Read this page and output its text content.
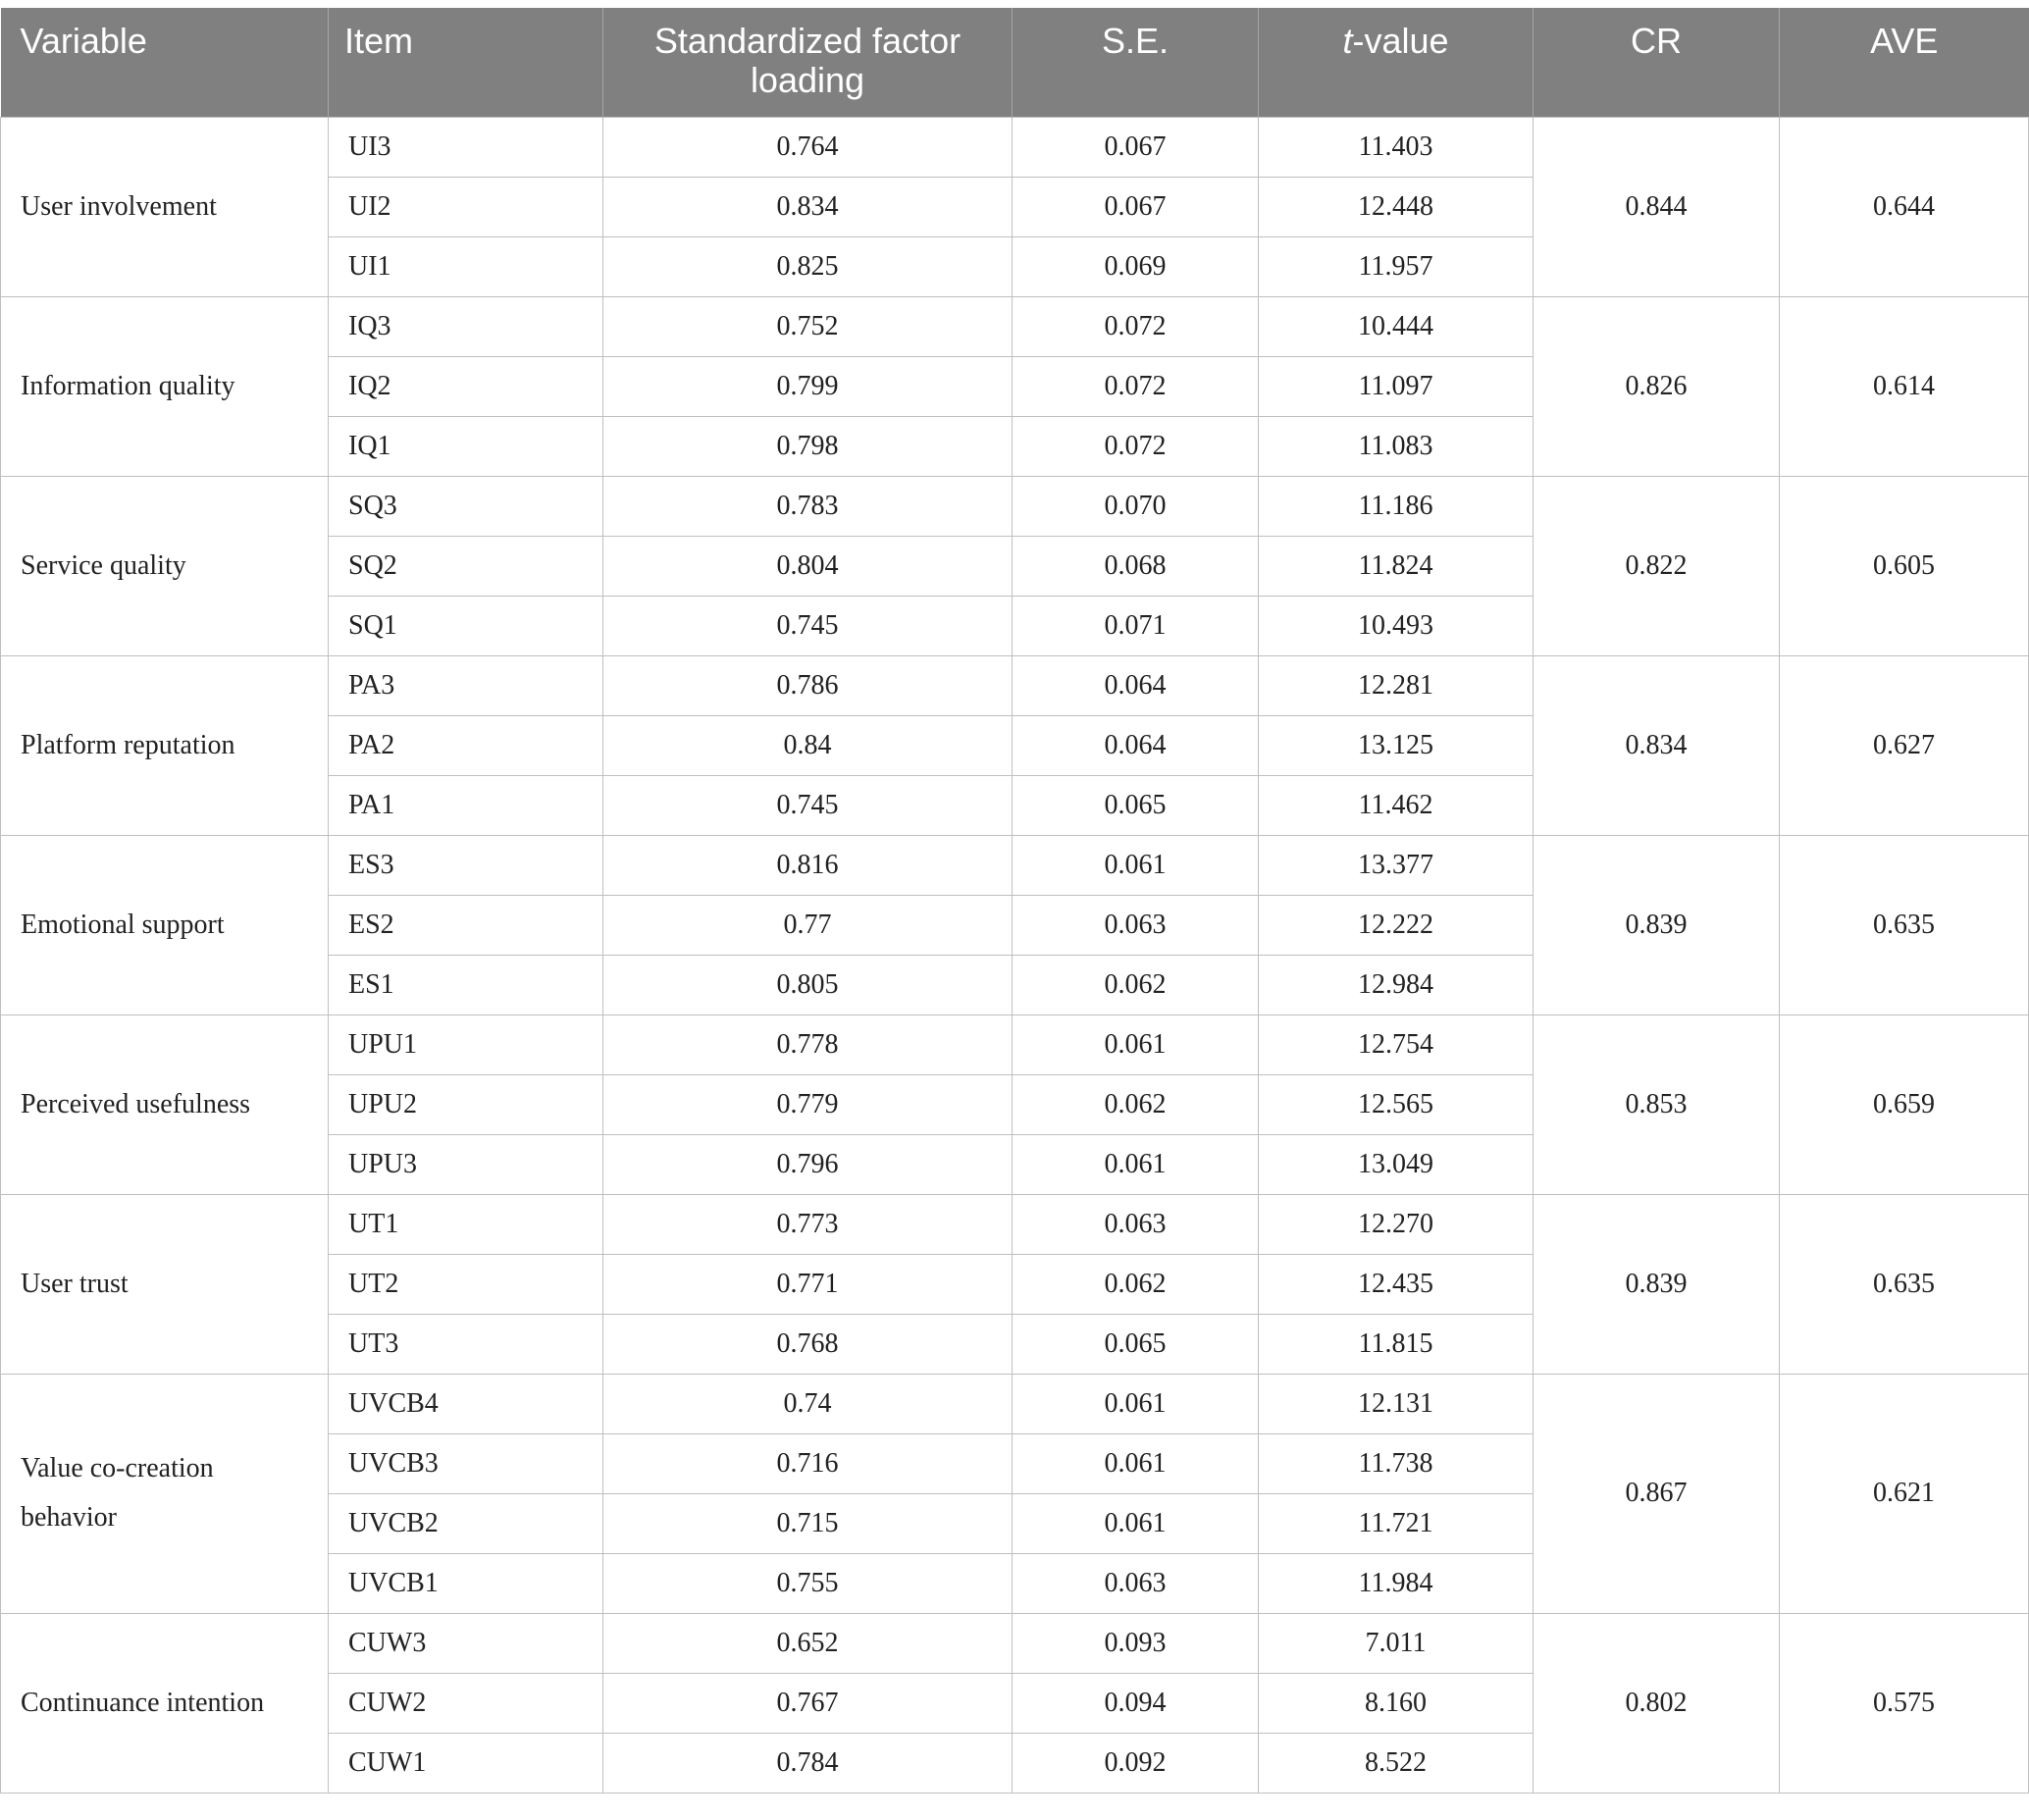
Variable	Item	Standardized factor loading	S.E.	t-value	CR	AVE
User involvement	UI3	0.764	0.067	11.403	0.844	0.644
	UI2	0.834	0.067	12.448		
	UI1	0.825	0.069	11.957		
Information quality	IQ3	0.752	0.072	10.444	0.826	0.614
	IQ2	0.799	0.072	11.097		
	IQ1	0.798	0.072	11.083		
Service quality	SQ3	0.783	0.070	11.186	0.822	0.605
	SQ2	0.804	0.068	11.824		
	SQ1	0.745	0.071	10.493		
Platform reputation	PA3	0.786	0.064	12.281	0.834	0.627
	PA2	0.84	0.064	13.125		
	PA1	0.745	0.065	11.462		
Emotional support	ES3	0.816	0.061	13.377	0.839	0.635
	ES2	0.77	0.063	12.222		
	ES1	0.805	0.062	12.984		
Perceived usefulness	UPU1	0.778	0.061	12.754	0.853	0.659
	UPU2	0.779	0.062	12.565		
	UPU3	0.796	0.061	13.049		
User trust	UT1	0.773	0.063	12.270	0.839	0.635
	UT2	0.771	0.062	12.435		
	UT3	0.768	0.065	11.815		
Value co-creation behavior	UVCB4	0.74	0.061	12.131	0.867	0.621
	UVCB3	0.716	0.061	11.738		
	UVCB2	0.715	0.061	11.721		
	UVCB1	0.755	0.063	11.984		
Continuance intention	CUW3	0.652	0.093	7.011	0.802	0.575
	CUW2	0.767	0.094	8.160		
	CUW1	0.784	0.092	8.522		
